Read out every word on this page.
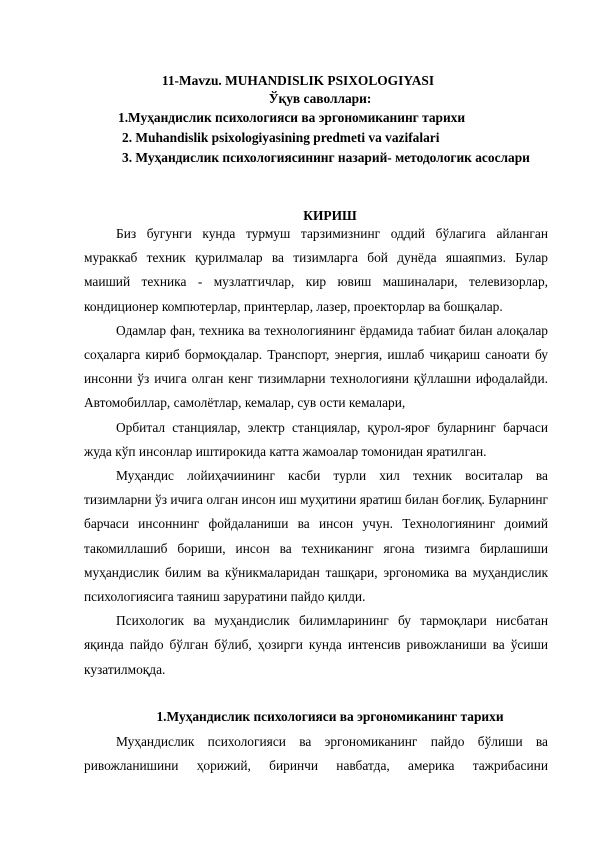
11-Mavzu. MUHANDISLIK PSIXOLOGIYASI
Ўқув саволлари:
1.Муҳандислик психологияси ва эргономиканинг тарихи
2. Muhandislik psixologiyasining predmeti va vazifalari
3. Муҳандислик психологиясининг назарий- методологик асослари
КИРИШ

Биз бугунги кунда турмуш тарзимизнинг оддий бўлагига айланган мураккаб техник қурилмалар ва тизимларга бой дунёда яшаяпмиз. Булар маиший техника - музлатгичлар, кир ювиш машиналари, телевизорлар, кондиционер компютерлар, принтерлар, лазер, проекторлар ва бошқалар.

Одамлар фан, техника ва технологиянинг ёрдамида табиат билан алоқалар соҳаларга кириб бормоқдалар. Транспорт, энергия, ишлаб чиқариш саноати бу инсонни ўз ичига олган кенг тизимларни технологияни қўллашни ифодалайди. Автомобиллар, самолётлар, кемалар, сув ости кемалари,

Орбитал станциялар, электр станциялар, қурол-яроғ буларнинг барчаси жуда кўп инсонлар иштирокида катта жамоалар томонидан яратилган.

Муҳандис лойиҳачиининг касби турли хил техник воситалар ва тизимларни ўз ичига олган инсон иш муҳитини яратиш билан боғлиқ. Буларнинг барчаси инсоннинг фойдаланиши ва инсон учун. Технологиянинг доимий такомиллашиб бориши, инсон ва техниканинг ягона тизимга бирлашиши муҳандислик билим ва кўникмаларидан ташқари, эргономика ва муҳандислик психологиясига таяниш заруратини пайдо қилди.

Психологик ва муҳандислик билимларининг бу тармоқлари нисбатан яқинда пайдо бўлган бўлиб, ҳозирги кунда интенсив ривожланиши ва ўсиши кузатилмоқда.

1.Муҳандислик психологияси ва эргономиканинг тарихи

Муҳандислик психологияси ва эргономиканинг пайдо бўлиши ва ривожланишини ҳорижий, биринчи навбатда, америка тажрибасини
